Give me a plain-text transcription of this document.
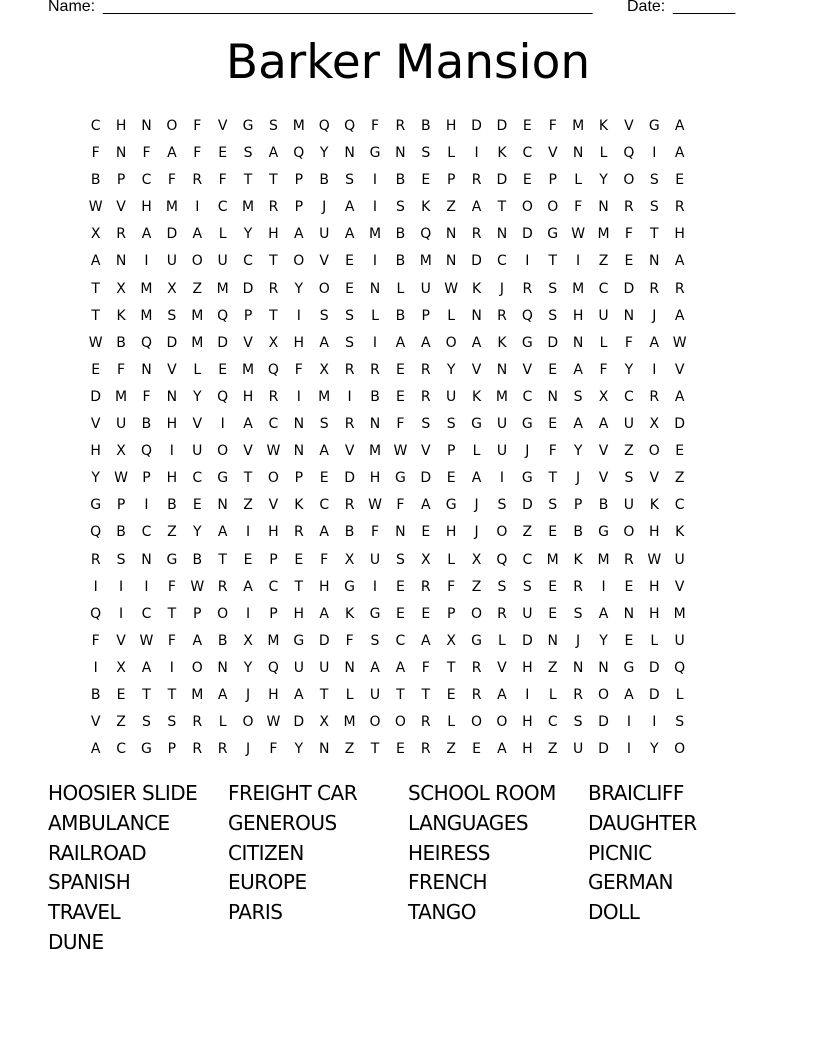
Name: _______________________________________________________ Date: _______
Barker Mansion
C	H	N	O	F	V	G	S	M Q	Q	F	R	B	H	D	D	E	F	M	K	V	G	A
F	N	F	A	F	E	S	A	Q	Y	N	G	N	S	L	I	K	C	V	N	L	Q	I	A
B	P	C	F	R	F	T	T	P	B	S	I	B	E	P	R	D	E	P	L	Y	O	S	E
W V	H	M	I	C	M	R	P	J	A	I	S	K	Z	A	T	O	O	F	N	R	S	R
X	R	A	D	A	L	Y	H	A	U	A	M	B	Q	N	R	N	D	G W M	F	T	H
A	N	I	U	O	U	C	T	O	V	E	I	B	M	N	D	C	I	T	I	Z	E	N	A
T	X	M	X	Z	M D	R	Y	O	E	N	L	U W K	J	R	S	M	C	D	R	R
T	K	M	S	M Q	P	T	I	S	S	L	B	P	L	N	R	Q	S	H	U	N	J	A
W B	Q	D M D	V	X	H	A	S	I	A	A	O	A	K	G	D	N	L	F	A W
E	F	N	V	L	E	M Q	F	X	R	R	E	R	Y	V	N	V	E	A	F	Y	I	V
D M	F	N	Y	Q	H	R	I	M	I	B	E	R	U	K	M	C	N	S	X	C	R	A
V	U	B	H	V	I	A	C	N	S	R	N	F	S	S	G	U	G	E	A	A	U	X	D
H	X	Q	I	U	O	V W N	A	V	M W V	P	L	U	J	F	Y	V	Z	O	E
Y	W	P	H	C	G	T	O	P	E	D	H	G	D	E	A	I	G	T	J	V	S	V	Z
G	P	I	B	E	N	Z	V	K	C	R W	F	A	G	J	S	D	S	P	B	U	K	C
Q	B	C	Z	Y	A	I	H	R	A	B	F	N	E	H	J	O	Z	E	B	G	O	H	K
R	S	N	G	B	T	E	P	E	F	X	U	S	X	L	X	Q	C	M	K	M	R W U
I	I	I	F	W R	A	C	T	H	G	I	E	R	F	Z	S	S	E	R	I	E	H	V
Q	I	C	T	P	O	I	P	H	A	K	G	E	E	P	O	R	U	E	S	A	N	H	M
F	V W	F	A	B	X	M G	D	F	S	C	A	X	G	L	D	N	J	Y	E	L	U
I	X	A	I	O	N	Y	Q	U	U	N	A	A	F	T	R	V	H	Z	N	N	G	D	Q
B	E	T	T	M	A	J	H	A	T	L	U	T	T	E	R	A	I	L	R	O	A	D	L
V	Z	S	S	R	L	O W D	X	M O	O	R	L	O	O	H	C	S	D	I	I	S
A	C	G	P	R	R	J	F	Y	N	Z	T	E	R	Z	E	A	H	Z	U	D	I	Y	O
HOOSIER SLIDE	FREIGHT CAR	SCHOOL ROOM	BRAICLIFF
AMBULANCE	GENEROUS	LANGUAGES	DAUGHTER
RAILROAD	CITIZEN	HEIRESS	PICNIC
SPANISH	EUROPE	FRENCH	GERMAN
TRAVEL	PARIS	TANGO	DOLL
DUNE
